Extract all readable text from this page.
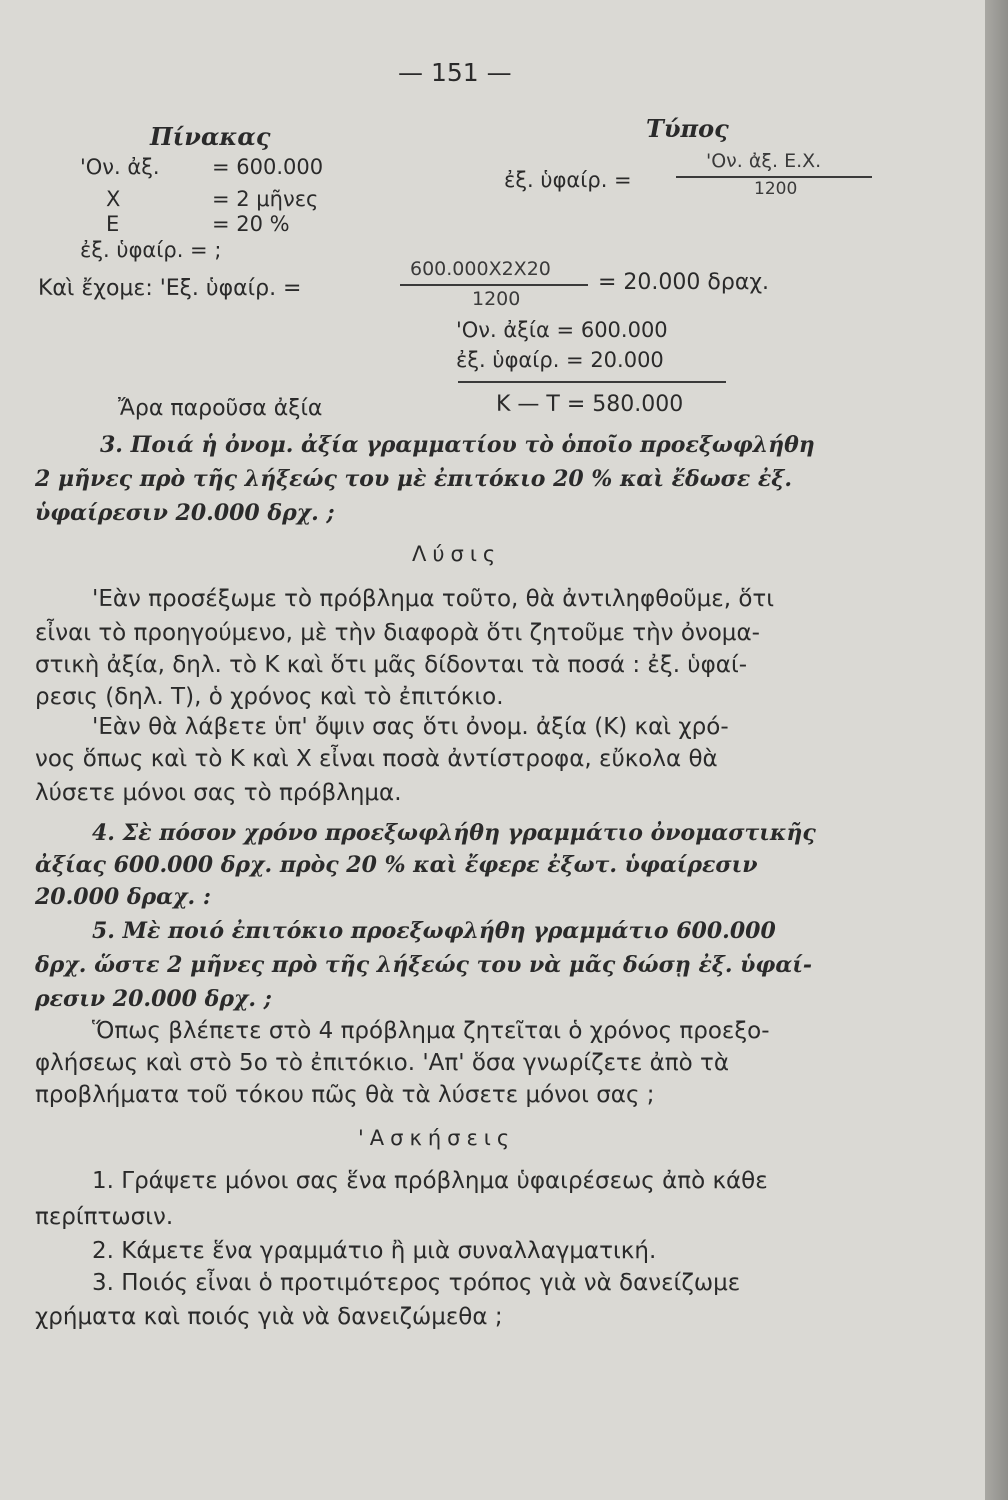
— 151 —
Πίνακας
'Ον. ἀξ. = 600.000
Χ	= 2 μῆνες
Ε	= 20 %
ἐξ. ὑφαίρ. = ;
Τύπος
ἐξ. ὑφαίρ. =
'Ον. ἀξ. Ε.Χ.
1200
Καὶ ἔχομε: 'Εξ. ὑφαίρ. =
600.000Χ2Χ20
1200
= 20.000 δραχ.
'Ον. ἀξία = 600.000
ἐξ. ὑφαίρ. = 20.000
Ἄρα παροῦσα ἀξία	Κ — Τ = 580.000
3. Ποιά ἡ ὀνομ. ἀξία γραμματίου τὸ ὁποῖο προεξωφλήθη
2 μῆνες πρὸ τῆς λήξεώς του μὲ ἐπιτόκιο 20 % καὶ ἔδωσε ἐξ.
ὑφαίρεσιν 20.000 δρχ. ;
Λύσις
'Εὰν προσέξωμε τὸ πρόβλημα τοῦτο, θὰ ἀντιληφθοῦμε, ὅτι
εἶναι τὸ προηγούμενο, μὲ τὴν διαφορὰ ὅτι ζητοῦμε τὴν ὀνομα-
στικὴ ἀξία, δηλ. τὸ Κ καὶ ὅτι μᾶς δίδονται τὰ ποσά : ἐξ. ὑφαί-
ρεσις (δηλ. Τ), ὁ χρόνος καὶ τὸ ἐπιτόκιο.
'Εὰν θὰ λάβετε ὑπ' ὄψιν σας ὅτι ὀνομ. ἀξία (Κ) καὶ χρό-
νος ὅπως καὶ τὸ Κ καὶ Χ εἶναι ποσὰ ἀντίστροφα, εὔκολα θὰ
λύσετε μόνοι σας τὸ πρόβλημα.
4. Σὲ πόσον χρόνο προεξωφλήθη γραμμάτιο ὀνομαστικῆς
ἀξίας 600.000 δρχ. πρὸς 20 % καὶ ἔφερε ἐξωτ. ὑφαίρεσιν
20.000 δραχ. :
5. Μὲ ποιό ἐπιτόκιο προεξωφλήθη γραμμάτιο 600.000
δρχ. ὥστε 2 μῆνες πρὸ τῆς λήξεώς του νὰ μᾶς δώσῃ ἐξ. ὑφαί-
ρεσιν 20.000 δρχ. ;
Ὅπως βλέπετε στὸ 4 πρόβλημα ζητεῖται ὁ χρόνος προεξο-
φλήσεως καὶ στὸ 5ο τὸ ἐπιτόκιο. 'Απ' ὅσα γνωρίζετε ἀπὸ τὰ
προβλήματα τοῦ τόκου πῶς θὰ τὰ λύσετε μόνοι σας ;
'Ασκήσεις
1. Γράψετε μόνοι σας ἕνα πρόβλημα ὑφαιρέσεως ἀπὸ κάθε
περίπτωσιν.
2. Κάμετε ἕνα γραμμάτιο ἢ μιὰ συναλλαγματική.
3. Ποιός εἶναι ὁ προτιμότερος τρόπος γιὰ νὰ δανείζωμε
χρήματα καὶ ποιός γιὰ νὰ δανειζώμεθα ;
